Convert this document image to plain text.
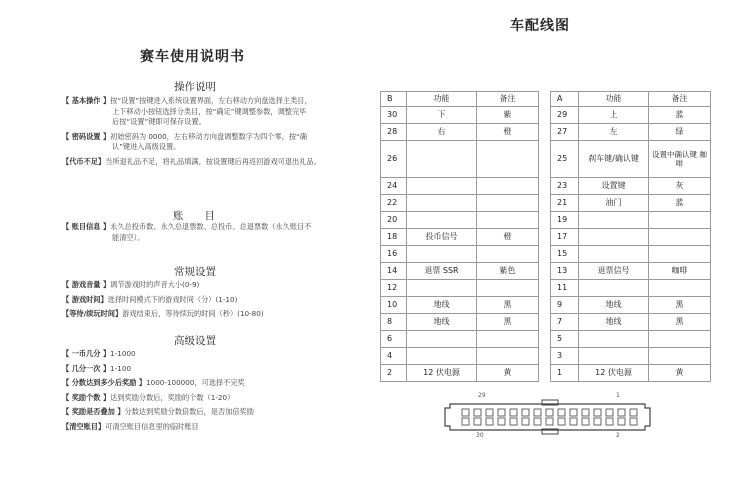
赛车使用说明书
操作说明
账　　目
常规设置
高级设置
车配线图
B	功能	备注		A	功能	备注
30	下	紫		29	上	蓝
28	右	橙		27	左	绿
26				25	刹车键/确认键	设置中确认键 咖啡
24				23	设置键	灰
22				21	油门	蓝
20				19		
18	投币信号	橙		17		
16				15		
14	退票 SSR	紫色		13	退票信号	咖啡
12				11		
10	地线	黑		9	地线	黑
8	地线	黑		7	地线	黑
6				5		
4				3		
2	12 伏电源	黄		1	12 伏电源	黄
29	1
30	2
【 基本操作 】按“设置”按键进入系统设置界面，左右移动方向盘选择主类目，
上下移动小按钮选择分类目，按“确定”键调整参数，调整完毕
后按“设置”键即可保存设置。
【 密码设置 】初始密码为 0000，左右移动方向盘调整数字为四个零，按“确
认”键进入高级设置。
【代币不足】当所退礼品不足，将礼品填满，按设置键后再返回游戏可退出礼品。
【 账目信息 】永久总投币数、永久总退票数、总投币、总退票数（永久账目不
能清空）。
【 游戏音量 】调节游戏时的声音大小(0-9)
【 游戏时间】选择时间模式下的游戏时间（分）(1-10)
【等待/续玩时间】游戏结束后，等待续玩的时间（秒）(10-80)
【 一币几分 】1-1000
【 几分一次 】1-100
【 分数达到多少后奖励 】1000-100000，可选择不完奖
【 奖励个数 】达到奖励分数后，奖励的个数（1-20）
【 奖励是否叠加 】分数达到奖励分数倍数后，是否加倍奖励
【清空账目】可清空账目信息里的临时账目
